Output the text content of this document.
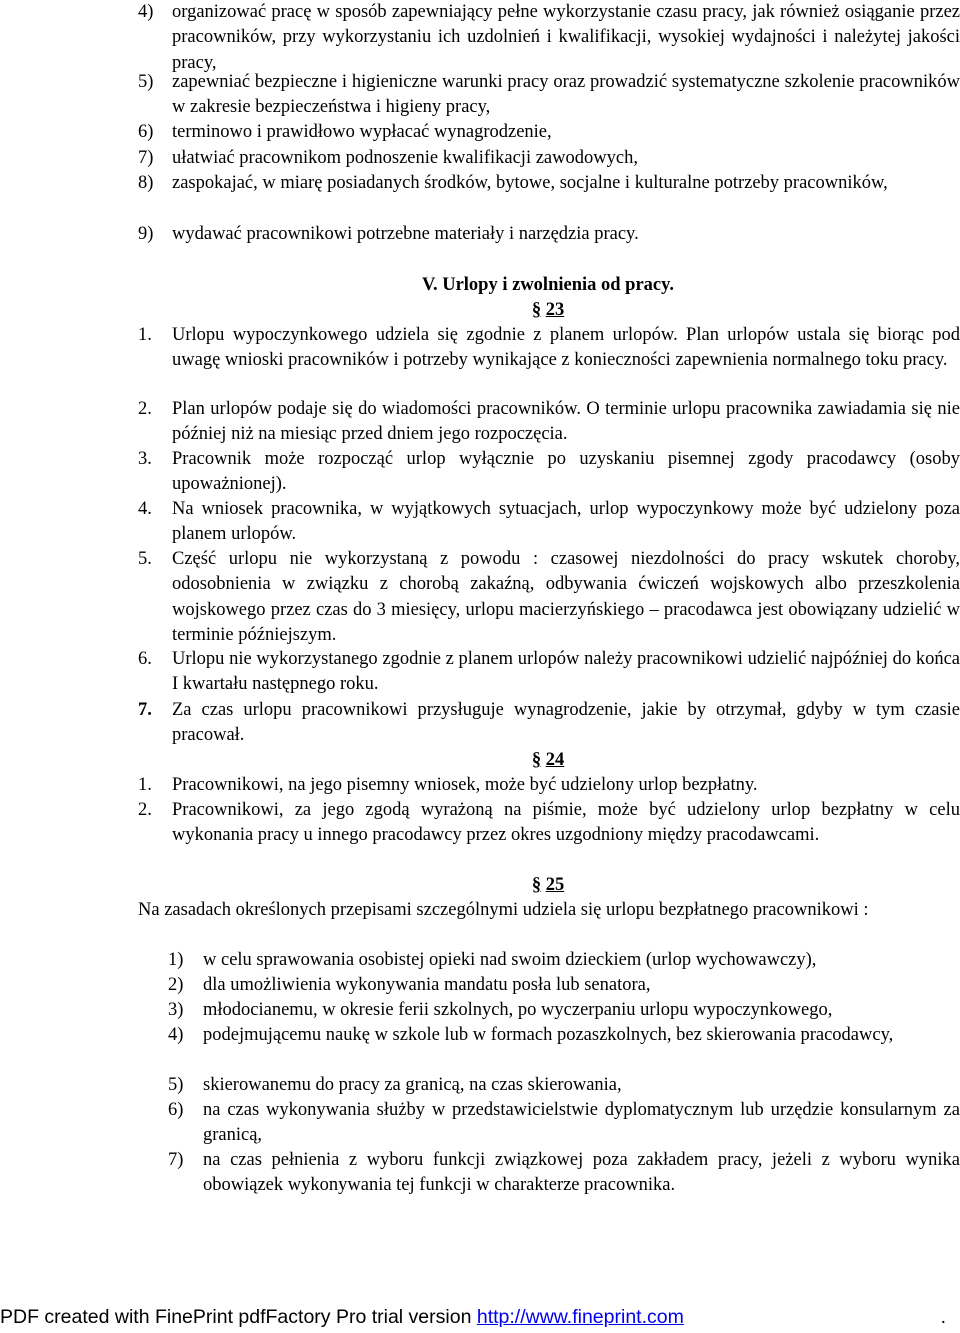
4) organizować pracę w sposób zapewniający pełne wykorzystanie czasu pracy, jak również osiąganie przez pracowników, przy wykorzystaniu ich uzdolnień i kwalifikacji, wysokiej wydajności i należytej jakości pracy,
5) zapewniać bezpieczne i higieniczne warunki pracy oraz prowadzić systematyczne szkolenie pracowników w zakresie bezpieczeństwa i higieny pracy,
6) terminowo i prawidłowo wypłacać wynagrodzenie,
7) ułatwiać pracownikom podnoszenie kwalifikacji zawodowych,
8) zaspokajać, w miarę posiadanych środków, bytowe, socjalne i kulturalne potrzeby pracowników,
9) wydawać pracownikowi potrzebne materiały i narzędzia pracy.
V. Urlopy i zwolnienia od pracy.
§ 23
1. Urlopu wypoczynkowego udziela się zgodnie z planem urlopów. Plan urlopów ustala się biorąc pod uwagę wnioski pracowników i potrzeby wynikające z konieczności zapewnienia normalnego toku pracy.
2. Plan urlopów podaje się do wiadomości pracowników. O terminie urlopu pracownika zawiadamia się nie później niż na miesiąc przed dniem jego rozpoczęcia.
3. Pracownik może rozpocząć urlop wyłącznie po uzyskaniu pisemnej zgody pracodawcy (osoby upoważnionej).
4. Na wniosek pracownika, w wyjątkowych sytuacjach, urlop wypoczynkowy może być udzielony poza planem urlopów.
5. Część urlopu nie wykorzystaną z powodu : czasowej niezdolności do pracy wskutek choroby, odosobnienia w związku z chorobą zakaźną, odbywania ćwiczeń wojskowych albo przeszkolenia wojskowego przez czas do 3 miesięcy, urlopu macierzyńskiego – pracodawca jest obowiązany udzielić w terminie późniejszym.
6. Urlopu nie wykorzystanego zgodnie z planem urlopów należy pracownikowi udzielić najpóźniej do końca I kwartału następnego roku.
7. Za czas urlopu pracownikowi przysługuje wynagrodzenie, jakie by otrzymał, gdyby w tym czasie pracował.
§ 24
1. Pracownikowi, na jego pisemny wniosek, może być udzielony urlop bezpłatny.
2. Pracownikowi, za jego zgodą wyrażoną na piśmie, może być udzielony urlop bezpłatny w celu wykonania pracy u innego pracodawcy przez okres uzgodniony między pracodawcami.
§ 25
Na zasadach określonych przepisami szczególnymi udziela się urlopu bezpłatnego pracownikowi :
1) w celu sprawowania osobistej opieki nad swoim dzieckiem (urlop wychowawczy),
2) dla umożliwienia wykonywania mandatu posła lub senatora,
3) młodocianemu, w okresie ferii szkolnych, po wyczerpaniu urlopu wypoczynkowego,
4) podejmującemu naukę w szkole lub w formach pozaszkolnych, bez skierowania pracodawcy,
5) skierowanemu do pracy za granicą, na czas skierowania,
6) na czas wykonywania służby w przedstawicielstwie dyplomatycznym lub urzędzie konsularnym za granicą,
7) na czas pełnienia z wyboru funkcji związkowej poza zakładem pracy, jeżeli z wyboru wynika obowiązek wykonywania tej funkcji w charakterze pracownika.
PDF created with FinePrint pdfFactory Pro trial version http://www.fineprint.com	.
